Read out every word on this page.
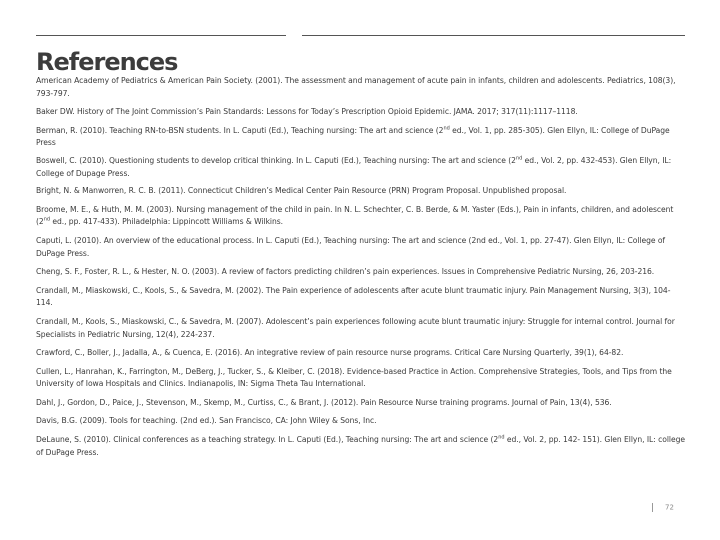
References
American Academy of Pediatrics & American Pain Society. (2001). The assessment and management of acute pain in infants, children and adolescents. Pediatrics, 108(3), 793-797.
Baker DW. History of The Joint Commission’s Pain Standards: Lessons for Today’s Prescription Opioid Epidemic. JAMA. 2017; 317(11):1117–1118.
Berman, R. (2010). Teaching RN-to-BSN students. In L. Caputi (Ed.), Teaching nursing: The art and science (2nd ed., Vol. 1, pp. 285-305). Glen Ellyn, IL: College of DuPage Press
Boswell, C. (2010). Questioning students to develop critical thinking. In L. Caputi (Ed.), Teaching nursing: The art and science (2nd ed., Vol. 2, pp. 432-453). Glen Ellyn, IL: College of Dupage Press.
Bright, N. & Manworren, R. C. B. (2011). Connecticut Children’s Medical Center Pain Resource (PRN) Program Proposal. Unpublished proposal.
Broome, M. E., & Huth, M. M. (2003). Nursing management of the child in pain. In N. L. Schechter, C. B. Berde, & M. Yaster (Eds.), Pain in infants, children, and adolescent (2nd ed., pp. 417-433). Philadelphia: Lippincott Williams & Wilkins.
Caputi, L. (2010). An overview of the educational process. In L. Caputi (Ed.), Teaching nursing: The art and science (2nd ed., Vol. 1, pp. 27-47). Glen Ellyn, IL: College of DuPage Press.
Cheng, S. F., Foster, R. L., & Hester, N. O. (2003). A review of factors predicting children’s pain experiences. Issues in Comprehensive Pediatric Nursing, 26, 203-216.
Crandall, M., Miaskowski, C., Kools, S., & Savedra, M. (2002). The Pain experience of adolescents after acute blunt traumatic injury. Pain Management Nursing, 3(3), 104-114.
Crandall, M., Kools, S., Miaskowski, C., & Savedra, M. (2007). Adolescent’s pain experiences following acute blunt traumatic injury: Struggle for internal control. Journal for Specialists in Pediatric Nursing, 12(4), 224-237.
Crawford, C., Boller, J., Jadalla, A., & Cuenca, E. (2016). An integrative review of pain resource nurse programs. Critical Care Nursing Quarterly, 39(1), 64-82.
Cullen, L., Hanrahan, K., Farrington, M., DeBerg, J., Tucker, S., & Kleiber, C. (2018). Evidence-based Practice in Action. Comprehensive Strategies, Tools, and Tips from the University of Iowa Hospitals and Clinics. Indianapolis, IN: Sigma Theta Tau International.
Dahl, J., Gordon, D., Paice, J., Stevenson, M., Skemp, M., Curtiss, C., & Brant, J. (2012). Pain Resource Nurse training programs. Journal of Pain, 13(4), 536.
Davis, B.G. (2009). Tools for teaching. (2nd ed.). San Francisco, CA: John Wiley & Sons, Inc.
DeLaune, S. (2010). Clinical conferences as a teaching strategy. In L. Caputi (Ed.), Teaching nursing: The art and science (2nd ed., Vol. 2, pp. 142- 151). Glen Ellyn, IL: college of DuPage Press.
72
